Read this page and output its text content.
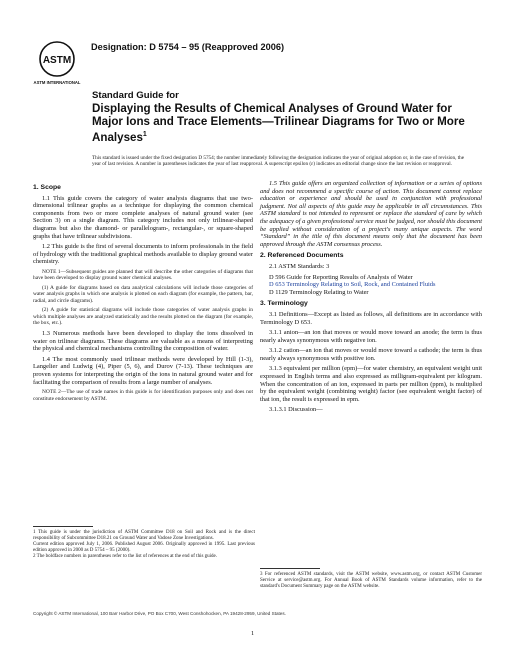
ASTM
ASTM INTERNATIONAL
Designation: D 5754 – 95 (Reapproved 2006)
Standard Guide for
Displaying the Results of Chemical Analyses of Ground Water for Major Ions and Trace Elements—Trilinear Diagrams for Two or More Analyses$^1$
This standard is issued under the fixed designation D 5754; the number immediately following the designation indicates the year of original adoption or, in the case of revision, the year of last revision. A number in parentheses indicates the year of last reapproval. A superscript epsilon (ε) indicates an editorial change since the last revision or reapproval.
1. Scope

1.1 This guide covers the category of water analysis diagrams that use two-dimensional trilinear graphs as a technique for displaying the common chemical components from two or more complete analyses of natural ground water (see Section 3) on a single diagram. This category includes not only trilinear-shaped diagrams but also the diamond- or parallelogram-, rectangular-, or square-shaped graphs that have trilinear subdivisions.

1.2 This guide is the first of several documents to inform professionals in the field of hydrology with the traditional graphical methods available to display ground water chemistry.

NOTE 1—Subsequent guides are planned that will describe the other categories of diagrams that have been developed to display ground water chemical analyses.
(1) A guide for diagrams based on data analytical calculations will include those categories of water analysis graphs in which one analysis is plotted on each diagram (for example, the pattern, bar, radial, and circle diagrams).
(2) A guide for statistical diagrams will include those categories of water analysis graphs in which multiple analyses are analyzed statistically and the results plotted on the diagram (for example, the box, etc.).

1.3 Numerous methods have been developed to display the ions dissolved in water on trilinear diagrams. These diagrams are valuable as a means of interpreting the physical and chemical mechanisms controlling the composition of water.

1.4 The most commonly used trilinear methods were developed by Hill (1-3), Langelier and Ludwig (4), Piper (5, 6), and Durov (7-13). These techniques are proven systems for interpreting the origin of the ions in natural ground water and for facilitating the comparison of results from a large number of analyses.

NOTE 2—The use of trade names in this guide is for identification purposes only and does not constitute endorsement by ASTM.
1 This guide is under the jurisdiction of ASTM Committee D18 on Soil and Rock and is the direct responsibility of Subcommittee D18.21 on Ground Water and Vadose Zone Investigations.
Current edition approved July 1, 2006. Published August 2006. Originally approved in 1995. Last previous edition approved in 2000 as D 5754 – 95 (2000).
2 The boldface numbers in parentheses refer to the list of references at the end of this guide.

1.5 This guide offers an organized collection of information or a series of options and does not recommend a specific course of action. This document cannot replace education or experience and should be used in conjunction with professional judgment. Not all aspects of this guide may be applicable in all circumstances. This ASTM standard is not intended to represent or replace the standard of care by which the adequacy of a given professional service must be judged, nor should this document be applied without consideration of a project's many unique aspects. The word “Standard” in the title of this document means only that the document has been approved through the ASTM consensus process.

2. Referenced Documents

2.1 ASTM Standards: 3

D 596 Guide for Reporting Results of Analysis of Water

D 653 Terminology Relating to Soil, Rock, and Contained Fluids

D 1129 Terminology Relating to Water

3. Terminology

3.1 Definitions—Except as listed as follows, all definitions are in accordance with Terminology D 653.

3.1.1 anion—an ion that moves or would move toward an anode; the term is thus nearly always synonymous with negative ion.

3.1.2 cation—an ion that moves or would move toward a cathode; the term is thus nearly always synonymous with positive ion.

3.1.3 equivalent per million (epm)—for water chemistry, an equivalent weight unit expressed in English terms and also expressed as milligram-equivalent per kilogram. When the concentration of an ion, expressed in parts per million (ppm), is multiplied by the equivalent weight (combining weight) factor (see equivalent weight factor) of that ion, the result is expressed in epm.

3.1.3.1 Discussion—

3 For referenced ASTM standards, visit the ASTM website, www.astm.org, or contact ASTM Customer Service at service@astm.org. For Annual Book of ASTM Standards volume information, refer to the standard's Document Summary page on the ASTM website.
Copyright © ASTM International, 100 Barr Harbor Drive, PO Box C700, West Conshohocken, PA 19428-2959, United States.
1
